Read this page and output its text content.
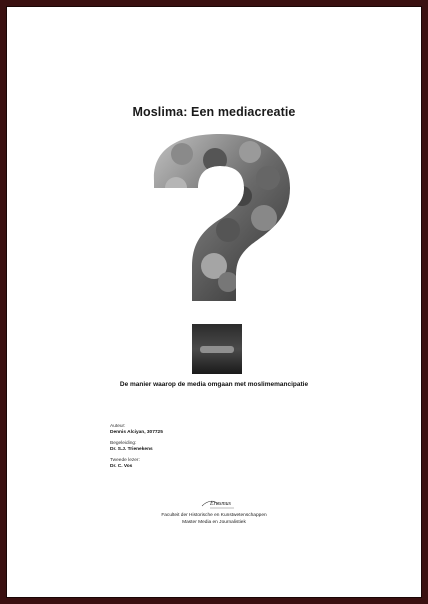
Moslima: Een mediacreatie
De manier waarop de media omgaan met moslimemancipatie
Auteur:
Dennis Alciyan, 307725
Begeleiding:
Dr. S.J. Trienekens
Tweede lezer:
Dr. C. Vos
Erasmus
Faculteit der Historische en Kunstwetenschappen
Master Media en Journalistiek
